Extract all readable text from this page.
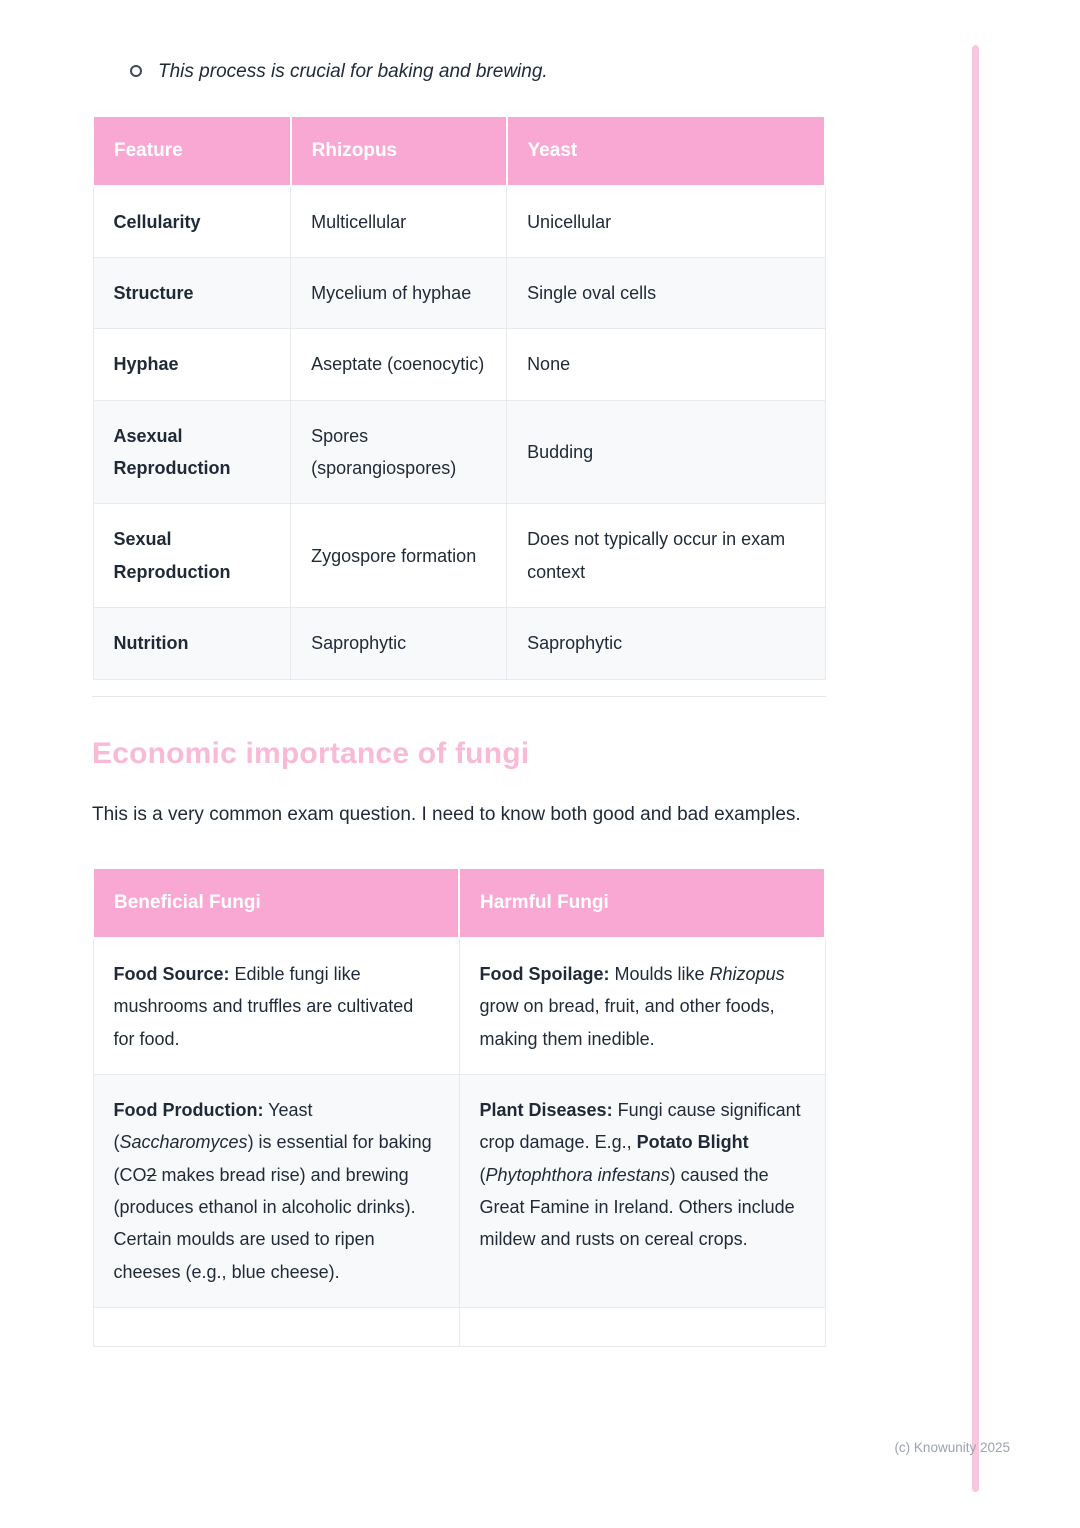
This process is crucial for baking and brewing.
Feature	Rhizopus	Yeast
Cellularity	Multicellular	Unicellular
Structure	Mycelium of hyphae	Single oval cells
Hyphae	Aseptate (coenocytic)	None
Asexual Reproduction	Spores (sporangiospores)	Budding
Sexual Reproduction	Zygospore formation	Does not typically occur in exam context
Nutrition	Saprophytic	Saprophytic
Economic importance of fungi

This is a very common exam question. I need to know both good and bad examples.

Beneficial Fungi	Harmful Fungi
Food Source: Edible fungi like mushrooms and truffles are cultivated for food.	Food Spoilage: Moulds like Rhizopus grow on bread, fruit, and other foods, making them inedible.
Food Production: Yeast (Saccharomyces) is essential for baking (CO2 makes bread rise) and brewing (produces ethanol in alcoholic drinks). Certain moulds are used to ripen cheeses (e.g., blue cheese).	Plant Diseases: Fungi cause significant crop damage. E.g., Potato Blight (Phytophthora infestans) caused the Great Famine in Ireland. Others include mildew and rusts on cereal crops.

(c) Knowunity 2025
